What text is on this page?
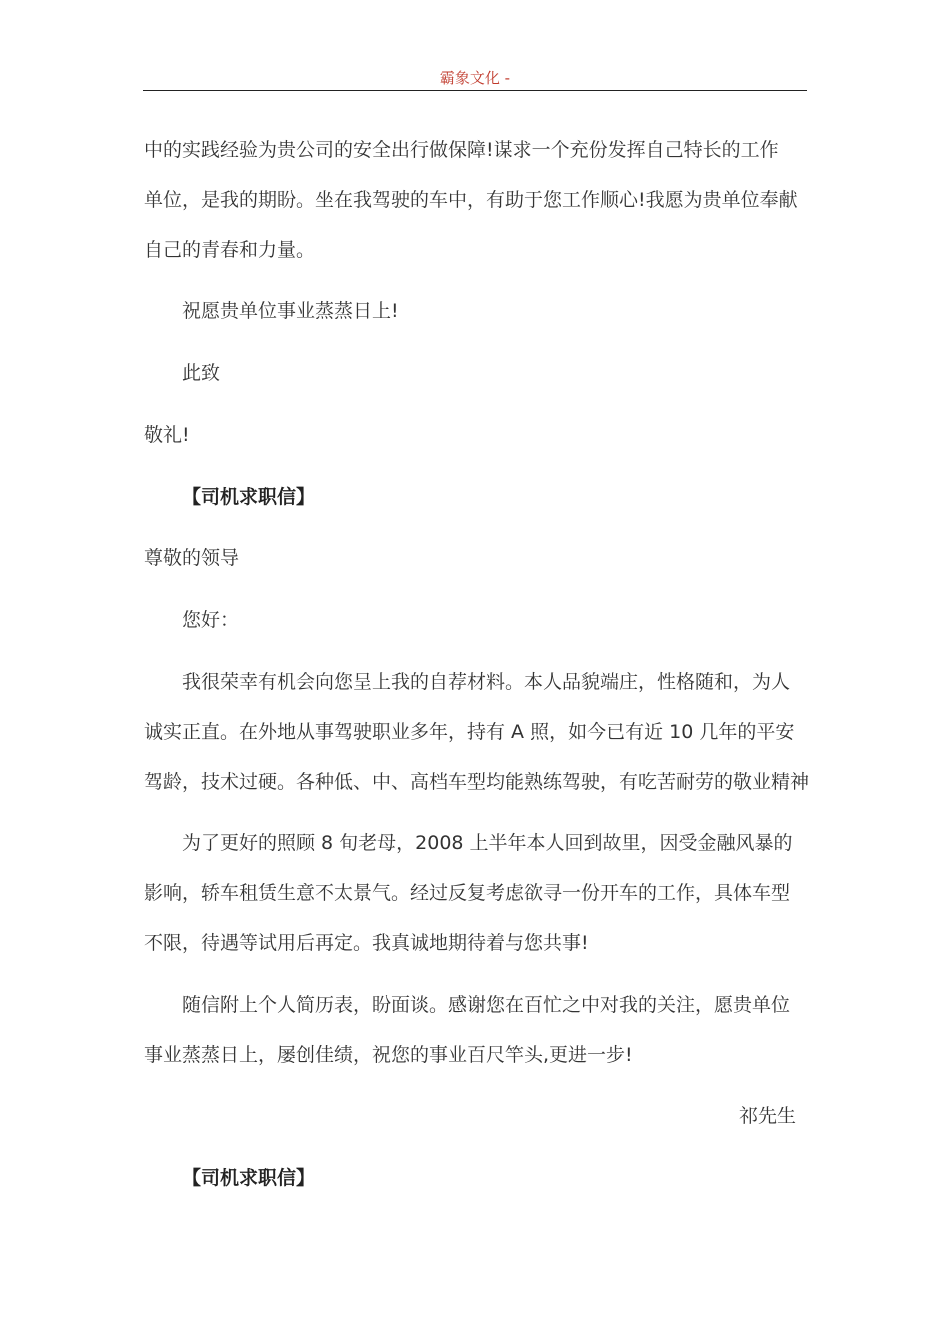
霸象文化 -
中的实践经验为贵公司的安全出行做保障!谋求一个充份发挥自己特长的工作
单位，是我的期盼。坐在我驾驶的车中，有助于您工作顺心!我愿为贵单位奉献
自己的青春和力量。
祝愿贵单位事业蒸蒸日上!
此致
敬礼!
【司机求职信】
尊敬的领导
您好：
我很荣幸有机会向您呈上我的自荐材料。本人品貌端庄，性格随和，为人
诚实正直。在外地从事驾驶职业多年，持有 A 照，如今已有近 10 几年的平安
驾龄，技术过硬。各种低、中、高档车型均能熟练驾驶，有吃苦耐劳的敬业精神
为了更好的照顾 8 旬老母，2008 上半年本人回到故里，因受金融风暴的
影响，轿车租赁生意不太景气。经过反复考虑欲寻一份开车的工作，具体车型
不限，待遇等试用后再定。我真诚地期待着与您共事!
随信附上个人简历表，盼面谈。感谢您在百忙之中对我的关注，愿贵单位
事业蒸蒸日上，屡创佳绩，祝您的事业百尺竿头,更进一步!
祁先生
【司机求职信】
